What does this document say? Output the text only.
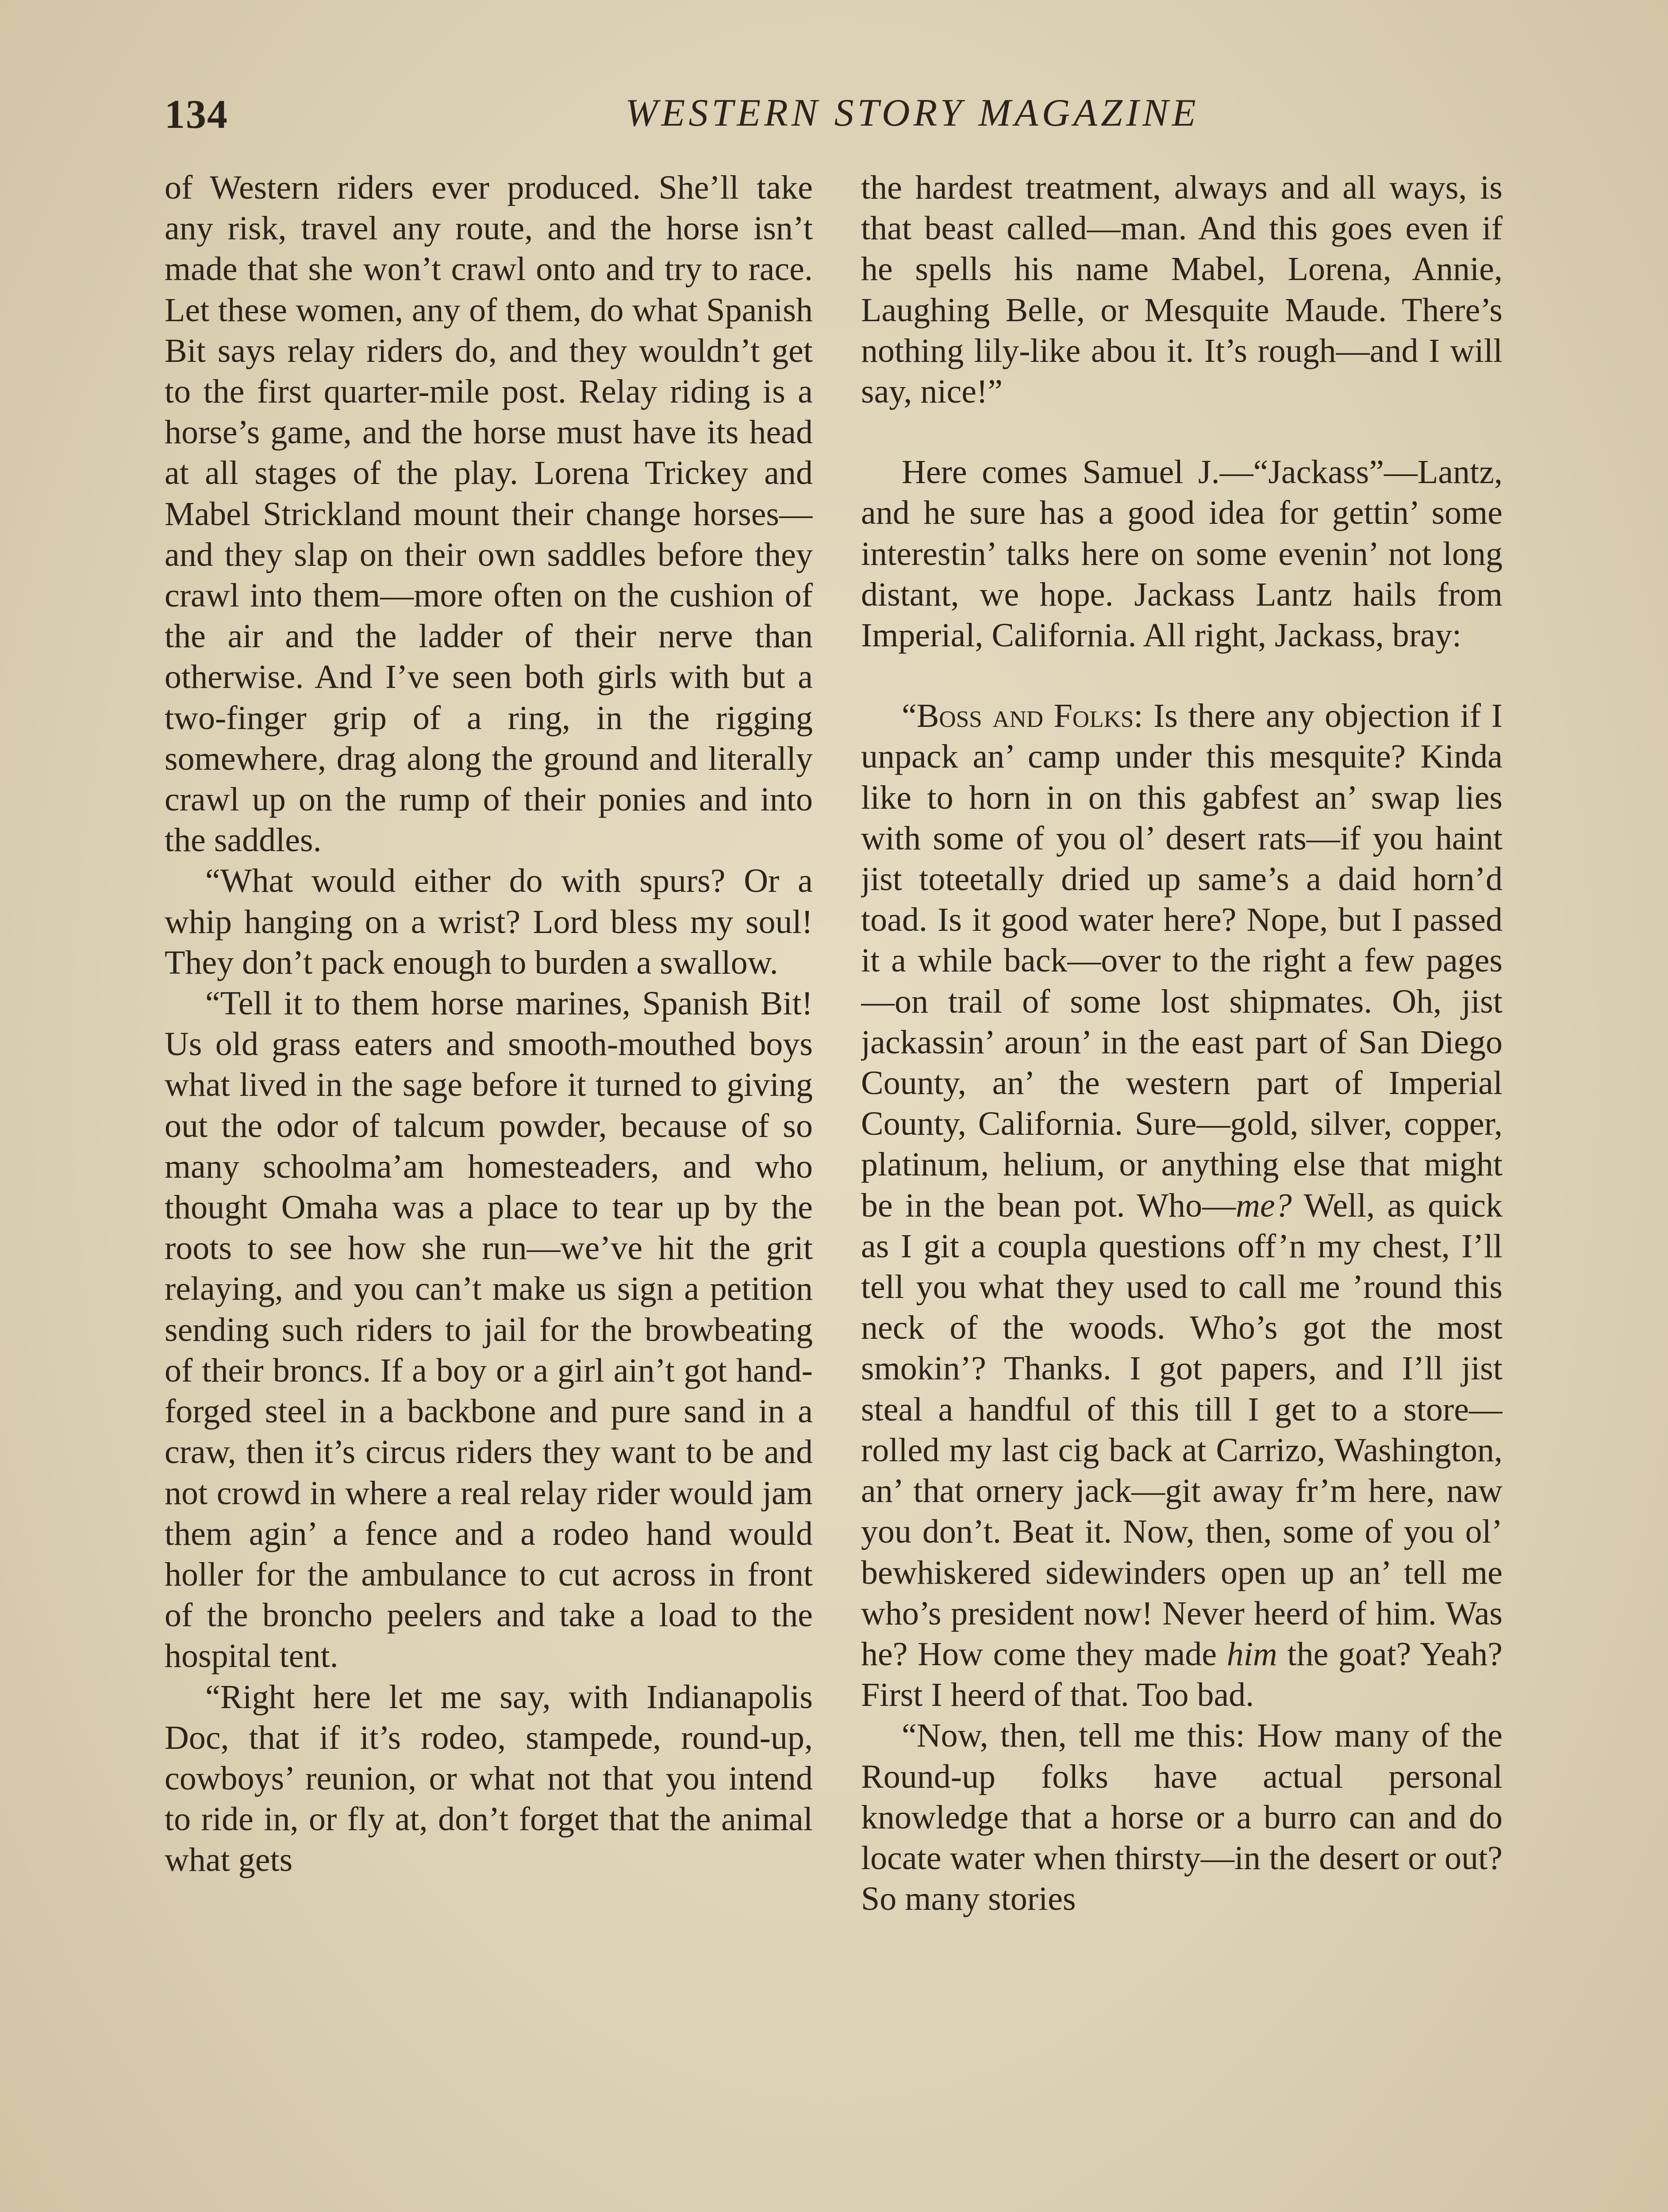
134	WESTERN STORY MAGAZINE

of Western riders ever produced. She’ll take any risk, travel any route, and the horse isn’t made that she won’t crawl onto and try to race. Let these women, any of them, do what Spanish Bit says relay riders do, and they wouldn’t get to the first quarter-mile post. Relay riding is a horse’s game, and the horse must have its head at all stages of the play. Lorena Trickey and Mabel Strickland mount their change horses—and they slap on their own saddles before they crawl into them—more often on the cushion of the air and the ladder of their nerve than otherwise. And I’ve seen both girls with but a two-finger grip of a ring, in the rigging somewhere, drag along the ground and literally crawl up on the rump of their ponies and into the saddles.

“What would either do with spurs? Or a whip hanging on a wrist? Lord bless my soul! They don’t pack enough to burden a swallow.

“Tell it to them horse marines, Spanish Bit! Us old grass eaters and smooth-mouthed boys what lived in the sage before it turned to giving out the odor of talcum powder, because of so many schoolma’am homesteaders, and who thought Omaha was a place to tear up by the roots to see how she run—we’ve hit the grit relaying, and you can’t make us sign a petition sending such riders to jail for the browbeating of their broncs. If a boy or a girl ain’t got hand-forged steel in a backbone and pure sand in a craw, then it’s circus riders they want to be and not crowd in where a real relay rider would jam them agin’ a fence and a rodeo hand would holler for the ambulance to cut across in front of the broncho peelers and take a load to the hospital tent.

“Right here let me say, with Indianapolis Doc, that if it’s rodeo, stampede, round-up, cowboys’ reunion, or what not that you intend to ride in, or fly at, don’t forget that the animal what gets

the hardest treatment, always and all ways, is that beast called—man. And this goes even if he spells his name Mabel, Lorena, Annie, Laughing Belle, or Mesquite Maude. There’s nothing lily-like abou it. It’s rough—and I will say, nice!”

Here comes Samuel J.—“Jackass”—Lantz, and he sure has a good idea for gettin’ some interestin’ talks here on some evenin’ not long distant, we hope. Jackass Lantz hails from Imperial, California. All right, Jackass, bray:

“Boss and Folks: Is there any objection if I unpack an’ camp under this mesquite? Kinda like to horn in on this gabfest an’ swap lies with some of you ol’ desert rats—if you haint jist toteetally dried up same’s a daid horn’d toad. Is it good water here? Nope, but I passed it a while back—over to the right a few pages—on trail of some lost shipmates. Oh, jist jackassin’ aroun’ in the east part of San Diego County, an’ the western part of Imperial County, California. Sure—gold, silver, copper, platinum, helium, or anything else that might be in the bean pot. Who—me? Well, as quick as I git a coupla questions off’n my chest, I’ll tell you what they used to call me ’round this neck of the woods. Who’s got the most smokin’? Thanks. I got papers, and I’ll jist steal a handful of this till I get to a store—rolled my last cig back at Carrizo, Washington, an’ that ornery jack—git away fr’m here, naw you don’t. Beat it. Now, then, some of you ol’ bewhiskered sidewinders open up an’ tell me who’s president now! Never heerd of him. Was he? How come they made him the goat? Yeah? First I heerd of that. Too bad.

“Now, then, tell me this: How many of the Round-up folks have actual personal knowledge that a horse or a burro can and do locate water when thirsty—in the desert or out? So many stories
